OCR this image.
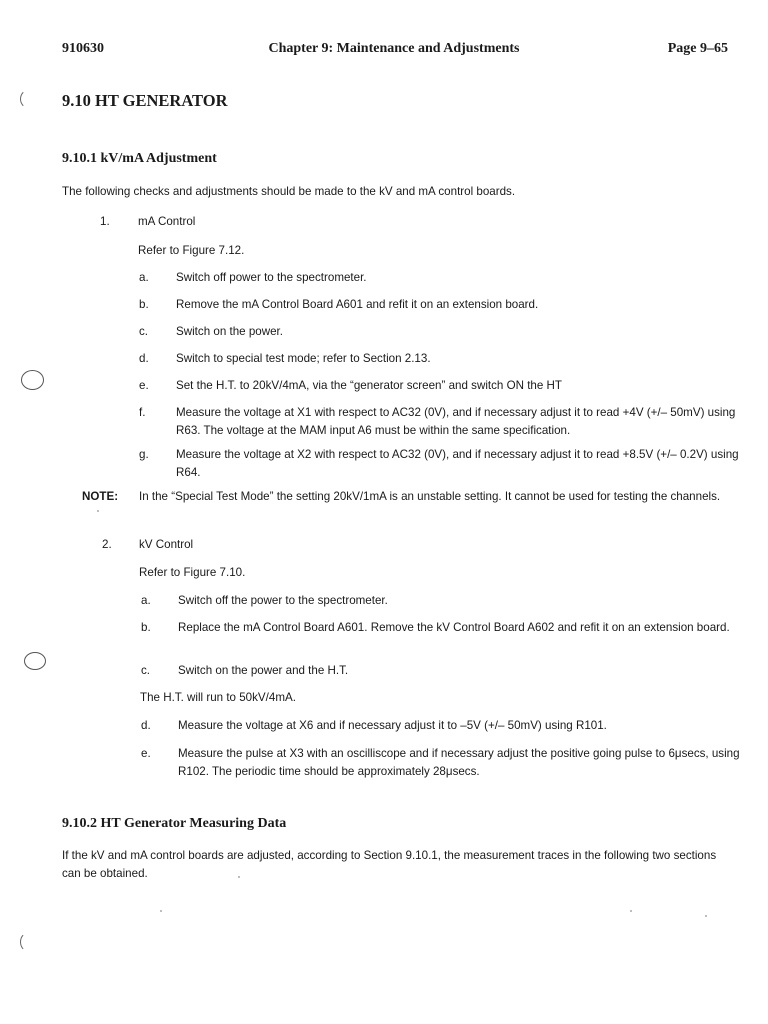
910630	Chapter 9: Maintenance and Adjustments	Page 9–65
9.10 HT GENERATOR
9.10.1 kV/mA Adjustment
The following checks and adjustments should be made to the kV and mA control boards.
1.	mA Control
Refer to Figure 7.12.
a.	Switch off power to the spectrometer.
b.	Remove the mA Control Board A601 and refit it on an extension board.
c.	Switch on the power.
d.	Switch to special test mode; refer to Section 2.13.
e.	Set the H.T. to 20kV/4mA, via the “generator screen” and switch ON the HT
f.	Measure the voltage at X1 with respect to AC32 (0V), and if necessary adjust it to read +4V (+/– 50mV) using R63. The voltage at the MAM input A6 must be within the same specification.
g.	Measure the voltage at X2 with respect to AC32 (0V), and if necessary adjust it to read +8.5V (+/– 0.2V) using R64.
NOTE: In the “Special Test Mode” the setting 20kV/1mA is an unstable setting. It cannot be used for testing the channels.
2.	kV Control
Refer to Figure 7.10.
a.	Switch off the power to the spectrometer.
b.	Replace the mA Control Board A601. Remove the kV Control Board A602 and refit it on an extension board.
c.	Switch on the power and the H.T.
The H.T. will run to 50kV/4mA.
d.	Measure the voltage at X6 and if necessary adjust it to –5V (+/– 50mV) using R101.
e.	Measure the pulse at X3 with an oscilliscope and if necessary adjust the positive going pulse to 6μsecs, using R102. The periodic time should be approximately 28μsecs.
9.10.2 HT Generator Measuring Data
If the kV and mA control boards are adjusted, according to Section 9.10.1, the measurement traces in the following two sections can be obtained.
